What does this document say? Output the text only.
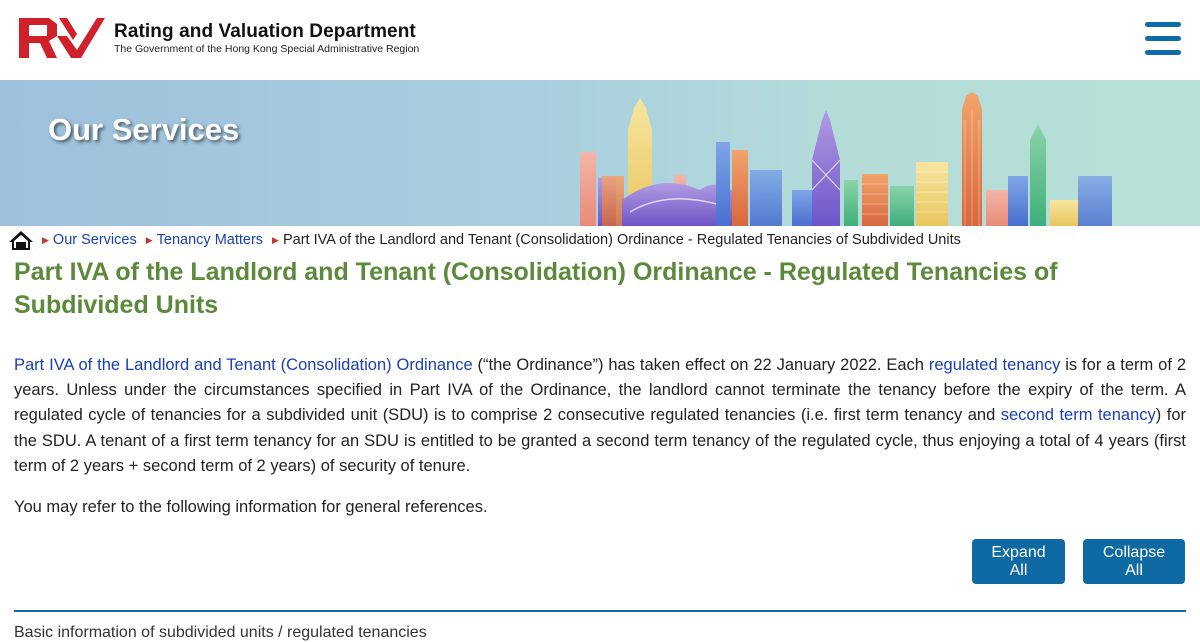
Rating and Valuation Department
The Government of the Hong Kong Special Administrative Region
Our Services
▶ Our Services ▶ Tenancy Matters ▶ Part IVA of the Landlord and Tenant (Consolidation) Ordinance - Regulated Tenancies of Subdivided Units
Part IVA of the Landlord and Tenant (Consolidation) Ordinance - Regulated Tenancies of Subdivided Units

Part IVA of the Landlord and Tenant (Consolidation) Ordinance (“the Ordinance”) has taken effect on 22 January 2022. Each regulated tenancy is for a term of 2 years. Unless under the circumstances specified in Part IVA of the Ordinance, the landlord cannot terminate the tenancy before the expiry of the term. A regulated cycle of tenancies for a subdivided unit (SDU) is to comprise 2 consecutive regulated tenancies (i.e. first term tenancy and second term tenancy) for the SDU. A tenant of a first term tenancy for an SDU is entitled to be granted a second term tenancy of the regulated cycle, thus enjoying a total of 4 years (first term of 2 years + second term of 2 years) of security of tenure.

You may refer to the following information for general references.

Expand All
Collapse All
Basic information of subdivided units / regulated tenancies
